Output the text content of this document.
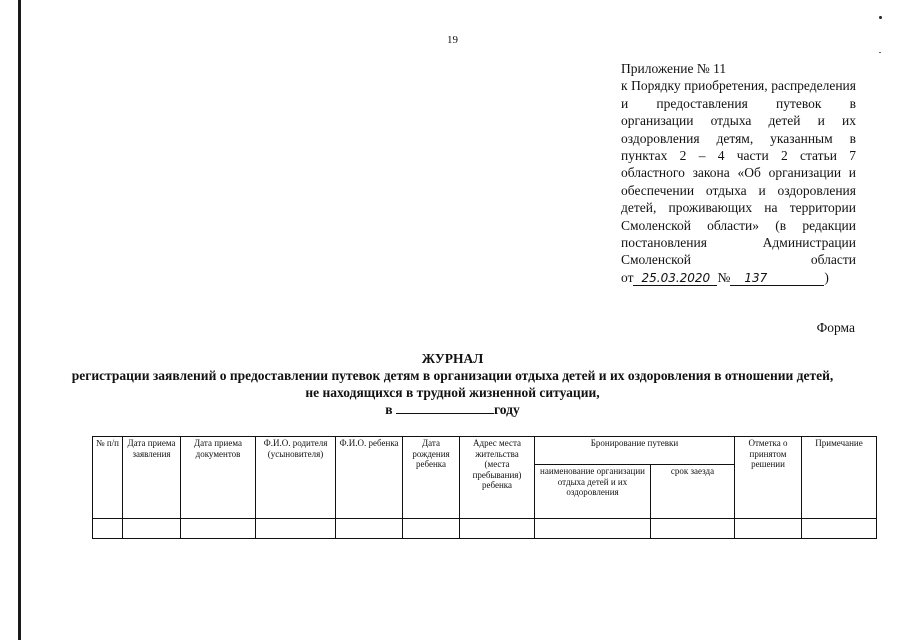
19
Приложение № 11
к Порядку приобретения, распределения и предоставления путевок в организации отдыха детей и их оздоровления детям, указанным в пунктах 2 – 4 части 2 статьи 7 областного закона «Об организации и обеспечении отдыха и оздоровления детей, проживающих на территории Смоленской области» (в редакции постановления Администрации Смоленской области
от 25.03.2020 № 137	)
Форма
ЖУРНАЛ
регистрации заявлений о предоставлении путевок детям в организации отдыха детей и их оздоровления в отношении детей, не находящихся в трудной жизненной ситуации,
в	году
№ п/п	Дата приема заявления	Дата приема документов	Ф.И.О. родителя (усыновителя)	Ф.И.О. ребенка	Дата рождения ребенка	Адрес места жительства (места пребывания) ребенка	Бронирование путевки		Отметка о принятом решении	Примечание
							наименование организации отдыха детей и их оздоровления	срок заезда		
